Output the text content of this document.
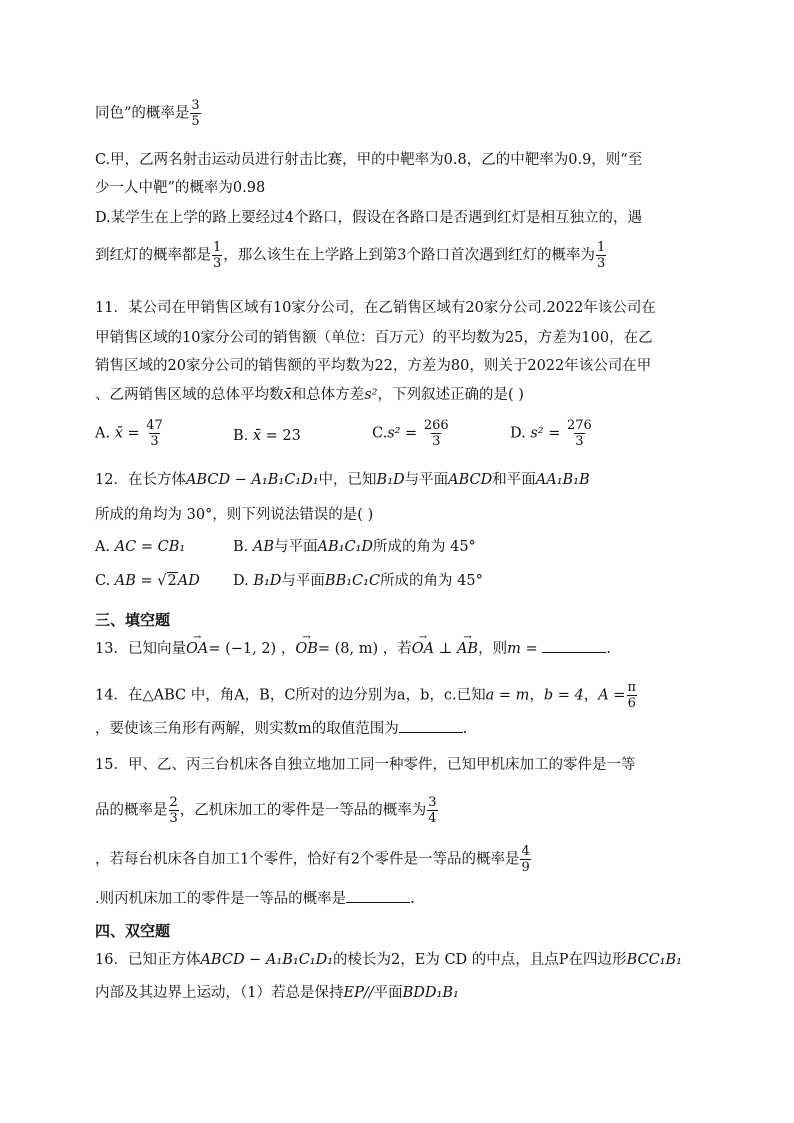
同色”的概率是 $\frac{3}{5}$
C.甲，乙两名射击运动员进行射击比赛，甲的中靶率为0.8，乙的中靶率为0.9，则“至
少一人中靶”的概率为0.98
D.某学生在上学的路上要经过4个路口，假设在各路口是否遇到红灯是相互独立的，遇
到红灯的概率都是 $\frac{1}{3}$ ，那么该生在上学路上到第3个路口首次遇到红灯的概率为 $\frac{1}{3}$
11．某公司在甲销售区域有10家分公司，在乙销售区域有20家分公司.2022年该公司在
甲销售区域的10家分公司的销售额（单位：百万元）的平均数为25，方差为100，在乙
销售区域的20家分公司的销售额的平均数为22，方差为80，则关于2022年该公司在甲
、乙两销售区域的总体平均数x̄和总体方差s²，下列叙述正确的是( )
A. x̄ = $\frac{47}{3}$	B. x̄ = 23	$C.s^2 = \frac{266}{3}$	D. $s^2 = \frac{276}{3}$
12．在长方体ABCD − A₁B₁C₁D₁中，已知B₁D与平面ABCD和平面AA₁B₁B
所成的角均为 30°，则下列说法错误的是( )
A. AC = CB₁	B. AB与平面AB₁C₁D所成的角为 45°
C. AB = √2AD D. B₁D与平面BB₁C₁C所成的角为 45°
三、填空题
13．已知向量→ OA= (−1, 2) ，→ OB= (8, m) ，若→ OA ⊥ → AB，则m =	.
14．在△ABC 中，角A，B，C所对的边分别为a，b，c.已知a = m，b = 4，$A = \frac{\pi}{6}$
，要使该三角形有两解，则实数m的取值范围为	.
15．甲、乙、丙三台机床各自独立地加工同一种零件，已知甲机床加工的零件是一等
品的概率是 $\frac{2}{3}$ ，乙机床加工的零件是一等品的概率为 $\frac{3}{4}$
，若每台机床各自加工1个零件，恰好有2个零件是一等品的概率是 $\frac{4}{9}$
.则丙机床加工的零件是一等品的概率是	.
四、双空题
16．已知正方体ABCD − A₁B₁C₁D₁的棱长为2，E为 CD 的中点，且点P在四边形BCC₁B₁
内部及其边界上运动，（1）若总是保持EP//平面BDD₁B₁
